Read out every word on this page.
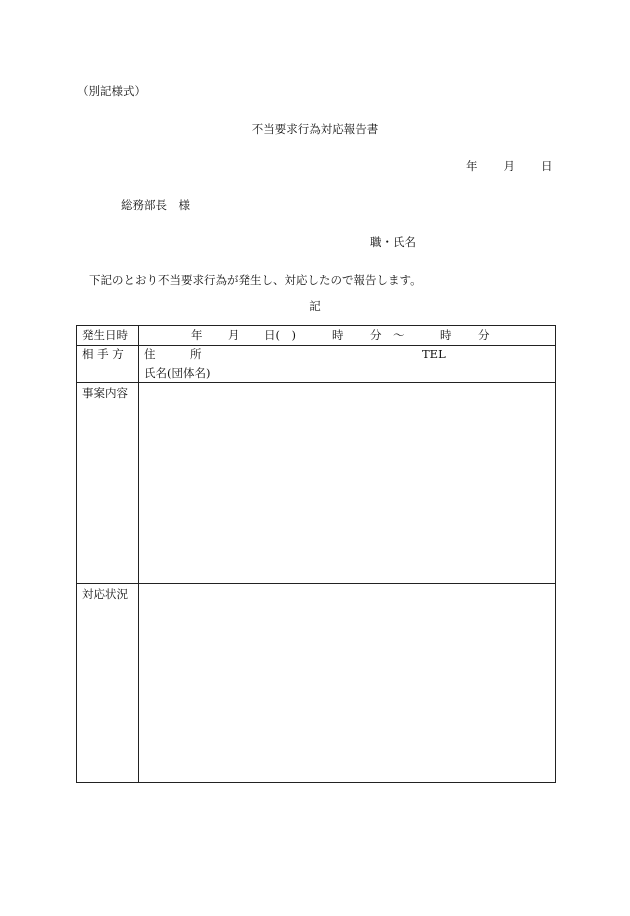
（別記様式）
不当要求行為対応報告書
年 月 日
総務部長　様
職・氏名
下記のとおり不当要求行為が発生し、対応したので報告します。
記
発生日時	年 月 日(　)	時 分 ～	時 分
相 手 方 住　　　所	TEL
氏名(団体名)
事案内容
対応状況
